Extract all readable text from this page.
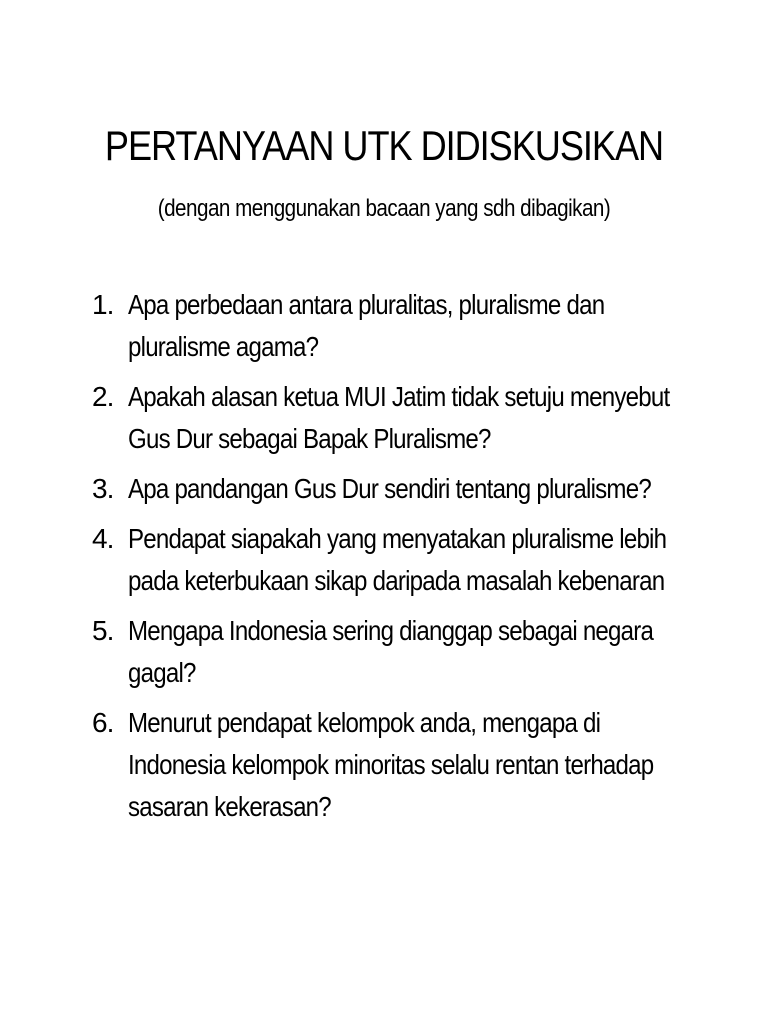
PERTANYAAN UTK DIDISKUSIKAN
(dengan menggunakan bacaan yang sdh dibagikan)
1. Apa perbedaan antara pluralitas, pluralisme dan
pluralisme agama?
2. Apakah alasan ketua MUI Jatim tidak setuju menyebut
Gus Dur sebagai Bapak Pluralisme?
3. Apa pandangan Gus Dur sendiri tentang pluralisme?
4. Pendapat siapakah yang menyatakan pluralisme lebih
pada keterbukaan sikap daripada masalah kebenaran
5. Mengapa Indonesia sering dianggap sebagai negara
gagal?
6. Menurut pendapat kelompok anda, mengapa di
Indonesia kelompok minoritas selalu rentan terhadap
sasaran kekerasan?
